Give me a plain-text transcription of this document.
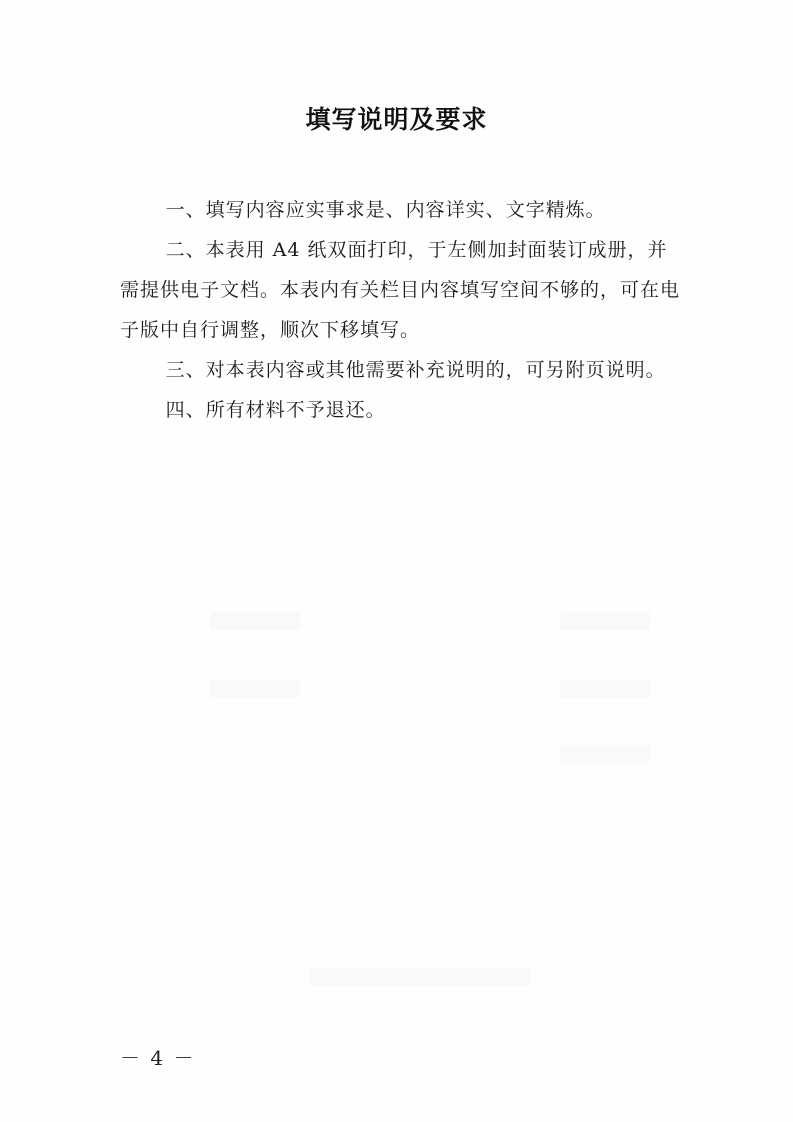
填写说明及要求

一、填写内容应实事求是、内容详实、文字精炼。

二、本表用 A4 纸双面打印，于左侧加封面装订成册，并需提供电子文档。本表内有关栏目内容填写空间不够的，可在电子版中自行调整，顺次下移填写。

三、对本表内容或其他需要补充说明的，可另附页说明。

四、所有材料不予退还。

－ 4 －
